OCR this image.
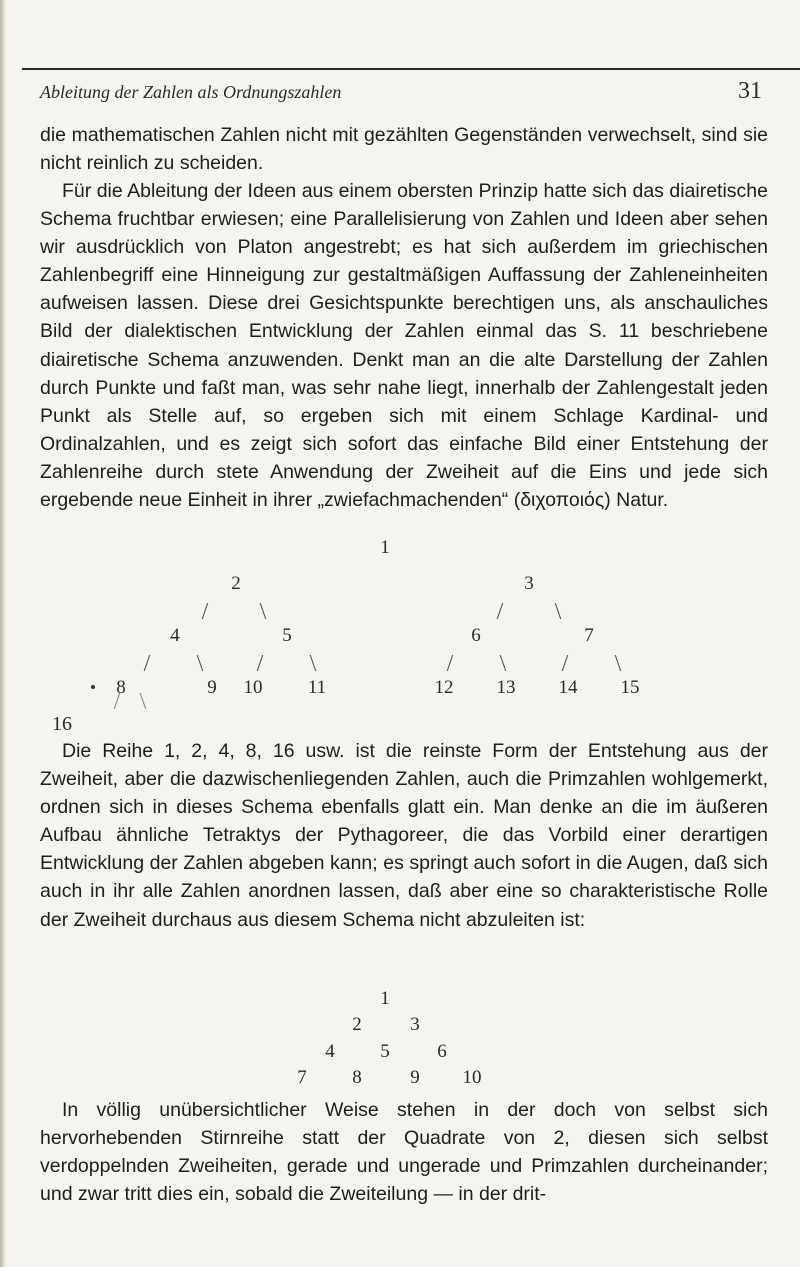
Ableitung der Zahlen als Ordnungszahlen	31

die mathematischen Zahlen nicht mit gezählten Gegenständen verwechselt, sind sie nicht reinlich zu scheiden.

Für die Ableitung der Ideen aus einem obersten Prinzip hatte sich das diairetische Schema fruchtbar erwiesen; eine Parallelisierung von Zahlen und Ideen aber sehen wir ausdrücklich von Platon angestrebt; es hat sich außerdem im griechischen Zahlenbegriff eine Hinneigung zur gestaltmäßigen Auffassung der Zahleneinheiten aufweisen lassen. Diese drei Gesichtspunkte berechtigen uns, als anschauliches Bild der dialektischen Entwicklung der Zahlen einmal das S. 11 beschriebene diairetische Schema anzuwenden. Denkt man an die alte Darstellung der Zahlen durch Punkte und faßt man, was sehr nahe liegt, innerhalb der Zahlengestalt jeden Punkt als Stelle auf, so ergeben sich mit einem Schlage Kardinal- und Ordinalzahlen, und es zeigt sich sofort das einfache Bild einer Entstehung der Zahlenreihe durch stete Anwendung der Zweiheit auf die Eins und jede sich ergebende neue Einheit in ihrer „zwiefachmachenden“ (διχοποιός) Natur.

1
2	3
/ \	/ \
4	5	6	7
/ \ / \	/ \ / \
8	9 10 11	12 13 14 15
/ \
16

Die Reihe 1, 2, 4, 8, 16 usw. ist die reinste Form der Entstehung aus der Zweiheit, aber die dazwischenliegenden Zahlen, auch die Primzahlen wohlgemerkt, ordnen sich in dieses Schema ebenfalls glatt ein. Man denke an die im äußeren Aufbau ähnliche Tetraktys der Pythagoreer, die das Vorbild einer derartigen Entwicklung der Zahlen abgeben kann; es springt auch sofort in die Augen, daß sich auch in ihr alle Zahlen anordnen lassen, daß aber eine so charakteristische Rolle der Zweiheit durchaus aus diesem Schema nicht abzuleiten ist:

1
2	3
4 5	6
7 8	9 10

In völlig unübersichtlicher Weise stehen in der doch von selbst sich hervorhebenden Stirnreihe statt der Quadrate von 2, diesen sich selbst verdoppelnden Zweiheiten, gerade und ungerade und Primzahlen durcheinander; und zwar tritt dies ein, sobald die Zweiteilung — in der drit-
